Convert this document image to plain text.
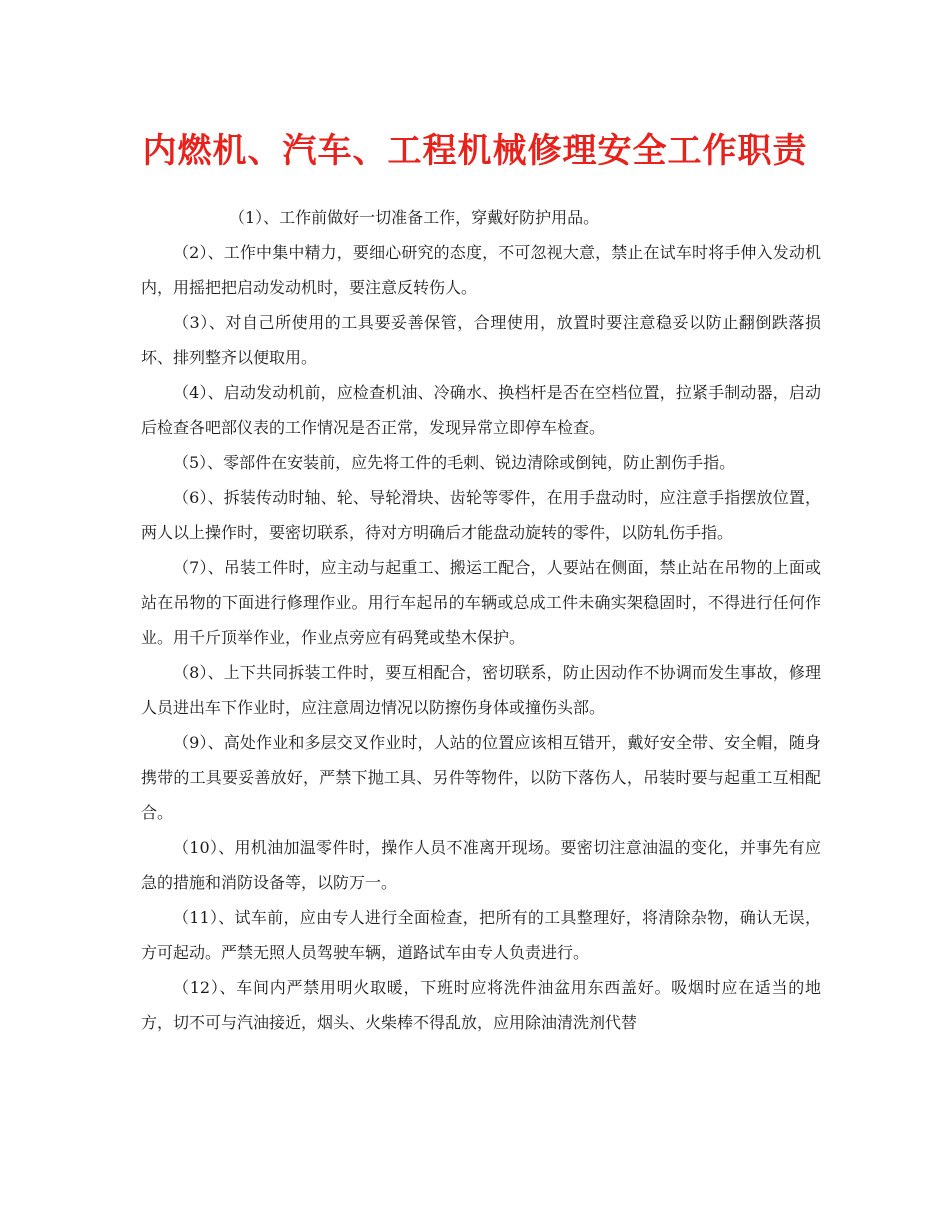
内燃机、汽车、工程机械修理安全工作职责

（1）、工作前做好一切准备工作，穿戴好防护用品。

（2）、工作中集中精力，要细心研究的态度，不可忽视大意，禁止在试车时将手伸入发动机内，用摇把把启动发动机时，要注意反转伤人。

（3）、对自己所使用的工具要妥善保管，合理使用，放置时要注意稳妥以防止翻倒跌落损坏、排列整齐以便取用。

（4）、启动发动机前，应检查机油、冷确水、换档杆是否在空档位置，拉紧手制动器，启动后检查各吧部仪表的工作情况是否正常，发现异常立即停车检查。

（5）、零部件在安装前，应先将工件的毛刺、锐边清除或倒钝，防止割伤手指。

（6）、拆装传动时轴、轮、导轮滑块、齿轮等零件，在用手盘动时，应注意手指摆放位置，两人以上操作时，要密切联系，待对方明确后才能盘动旋转的零件，以防轧伤手指。

（7）、吊装工件时，应主动与起重工、搬运工配合，人要站在侧面，禁止站在吊物的上面或站在吊物的下面进行修理作业。用行车起吊的车辆或总成工件未确实架稳固时，不得进行任何作业。用千斤顶举作业，作业点旁应有码凳或垫木保护。

（8）、上下共同拆装工件时，要互相配合，密切联系，防止因动作不协调而发生事故，修理人员进出车下作业时，应注意周边情况以防擦伤身体或撞伤头部。

（9）、高处作业和多层交叉作业时，人站的位置应该相互错开，戴好安全带、安全帽，随身携带的工具要妥善放好，严禁下抛工具、另件等物件，以防下落伤人，吊装时要与起重工互相配合。

（10）、用机油加温零件时，操作人员不准离开现场。要密切注意油温的变化，并事先有应急的措施和消防设备等，以防万一。

（11）、试车前，应由专人进行全面检查，把所有的工具整理好，将清除杂物，确认无误，方可起动。严禁无照人员驾驶车辆，道路试车由专人负责进行。

（12）、车间内严禁用明火取暖，下班时应将洗件油盆用东西盖好。吸烟时应在适当的地方，切不可与汽油接近，烟头、火柴棒不得乱放，应用除油清洗剂代替
